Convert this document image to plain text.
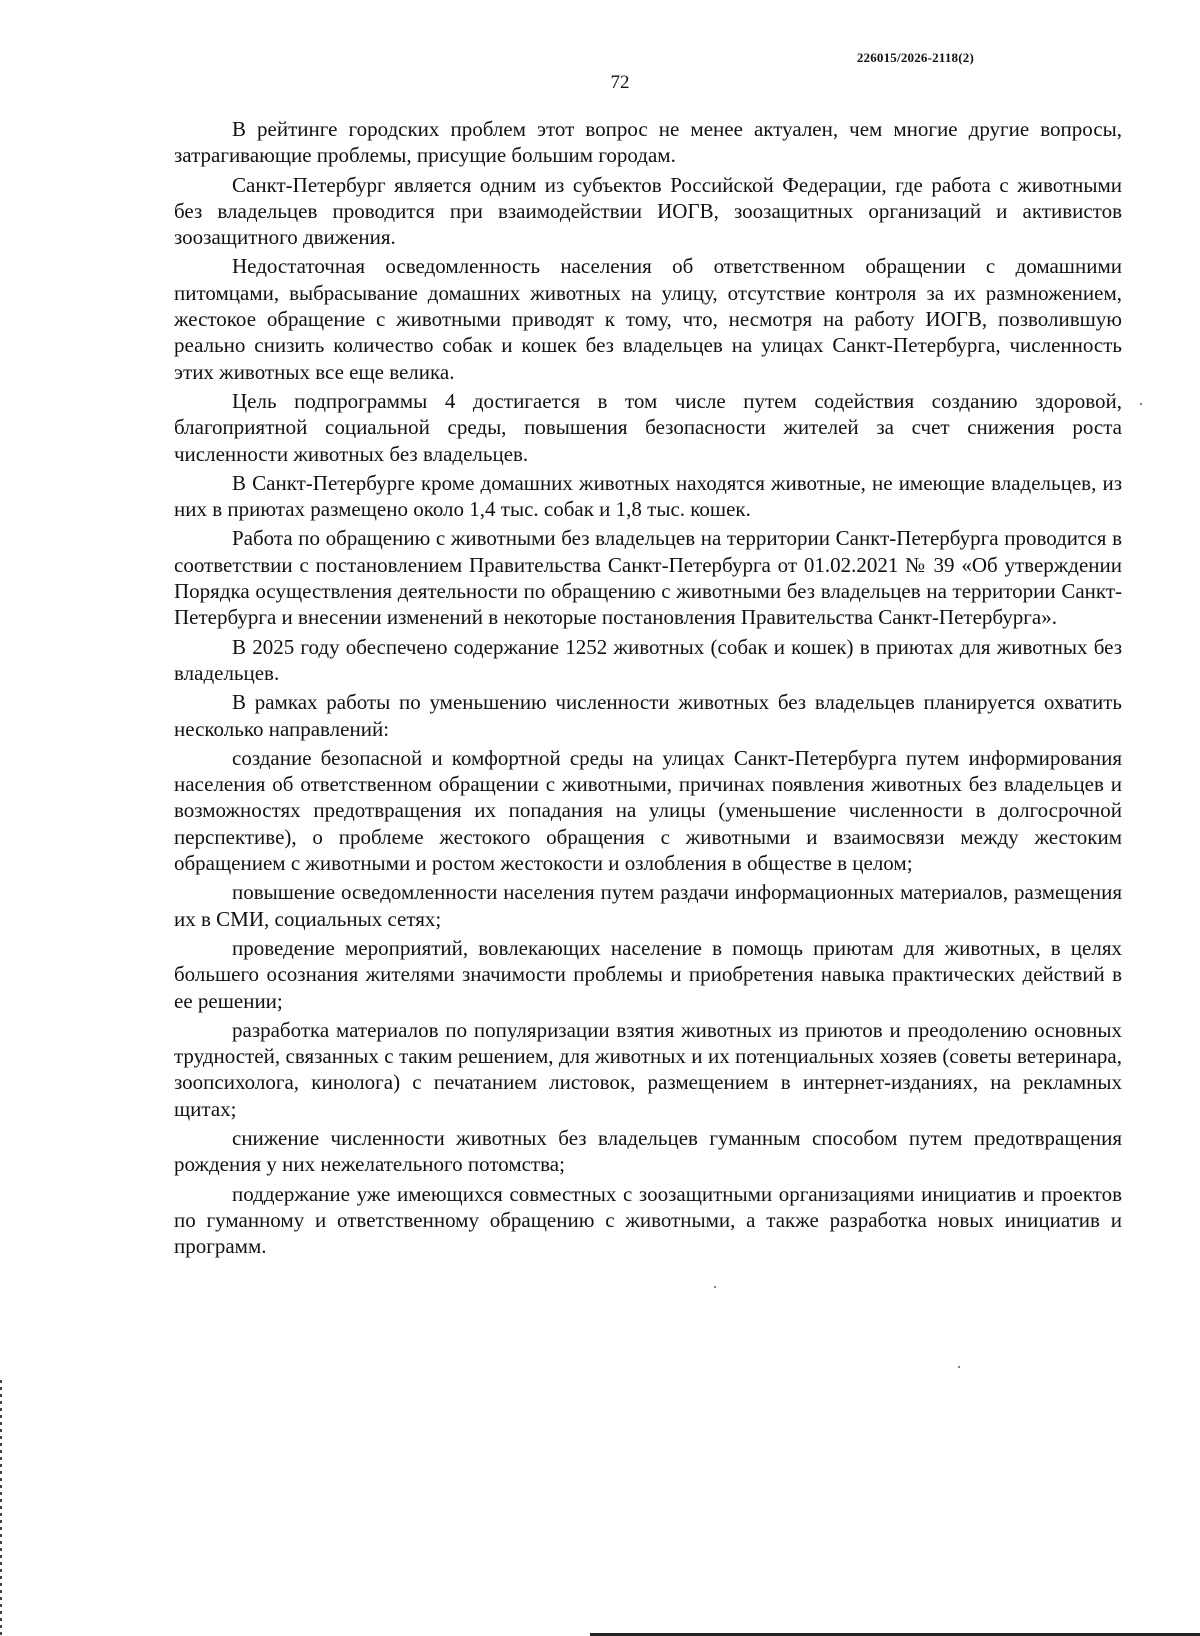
226015/2026-2118(2)
72

В рейтинге городских проблем этот вопрос не менее актуален, чем многие другие вопросы, затрагивающие проблемы, присущие большим городам.

Санкт-Петербург является одним из субъектов Российской Федерации, где работа с животными без владельцев проводится при взаимодействии ИОГВ, зоозащитных организаций и активистов зоозащитного движения.

Недостаточная осведомленность населения об ответственном обращении с домашними питомцами, выбрасывание домашних животных на улицу, отсутствие контроля за их размножением, жестокое обращение с животными приводят к тому, что, несмотря на работу ИОГВ, позволившую реально снизить количество собак и кошек без владельцев на улицах Санкт-Петербурга, численность этих животных все еще велика.

Цель подпрограммы 4 достигается в том числе путем содействия созданию здоровой, благоприятной социальной среды, повышения безопасности жителей за счет снижения роста численности животных без владельцев.

В Санкт-Петербурге кроме домашних животных находятся животные, не имеющие владельцев, из них в приютах размещено около 1,4 тыс. собак и 1,8 тыс. кошек.

Работа по обращению с животными без владельцев на территории Санкт-Петербурга проводится в соответствии с постановлением Правительства Санкт-Петербурга от 01.02.2021 № 39 «Об утверждении Порядка осуществления деятельности по обращению с животными без владельцев на территории Санкт-Петербурга и внесении изменений в некоторые постановления Правительства Санкт-Петербурга».

В 2025 году обеспечено содержание 1252 животных (собак и кошек) в приютах для животных без владельцев.

В рамках работы по уменьшению численности животных без владельцев планируется охватить несколько направлений:

создание безопасной и комфортной среды на улицах Санкт-Петербурга путем информирования населения об ответственном обращении с животными, причинах появления животных без владельцев и возможностях предотвращения их попадания на улицы (уменьшение численности в долгосрочной перспективе), о проблеме жестокого обращения с животными и взаимосвязи между жестоким обращением с животными и ростом жестокости и озлобления в обществе в целом;

повышение осведомленности населения путем раздачи информационных материалов, размещения их в СМИ, социальных сетях;

проведение мероприятий, вовлекающих население в помощь приютам для животных, в целях большего осознания жителями значимости проблемы и приобретения навыка практических действий в ее решении;

разработка материалов по популяризации взятия животных из приютов и преодолению основных трудностей, связанных с таким решением, для животных и их потенциальных хозяев (советы ветеринара, зоопсихолога, кинолога) с печатанием листовок, размещением в интернет-изданиях, на рекламных щитах;

снижение численности животных без владельцев гуманным способом путем предотвращения рождения у них нежелательного потомства;

поддержание уже имеющихся совместных с зоозащитными организациями инициатив и проектов по гуманному и ответственному обращению с животными, а также разработка новых инициатив и программ.
